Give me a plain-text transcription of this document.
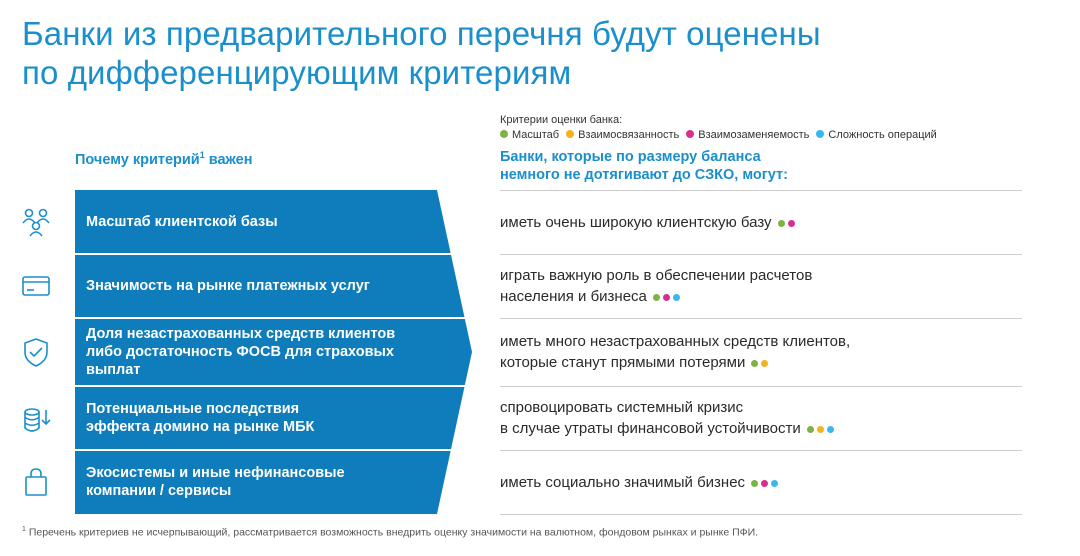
Банки из предварительного перечня будут оценены
по дифференцирующим критериям
Критерии оценки банка:
Масштаб Взаимосвязанность Взаимозаменяемость Сложность операций
Почему критерий$^1$ важен	Банки, которые по размеру баланса
немного не дотягивают до СЗКО, могут:
Масштаб клиентской базы	иметь очень широкую клиентскую базу
Значимость на рынке платежных услуг
играть важную роль в обеспечении расчетов
населения и бизнеса
Доля незастрахованных средств клиентов
либо достаточность ФОСВ для страховых
выплат
иметь много незастрахованных средств клиентов,
которые станут прямыми потерями
Потенциальные последствия
эффекта домино на рынке МБК
спровоцировать системный кризис
в случае утраты финансовой устойчивости
Экосистемы и иные нефинансовые
компании / сервисы
иметь социально значимый бизнес
$^1$ Перечень критериев не исчерпывающий, рассматривается возможность внедрить оценку значимости на валютном, фондовом рынках и рынке ПФИ.
